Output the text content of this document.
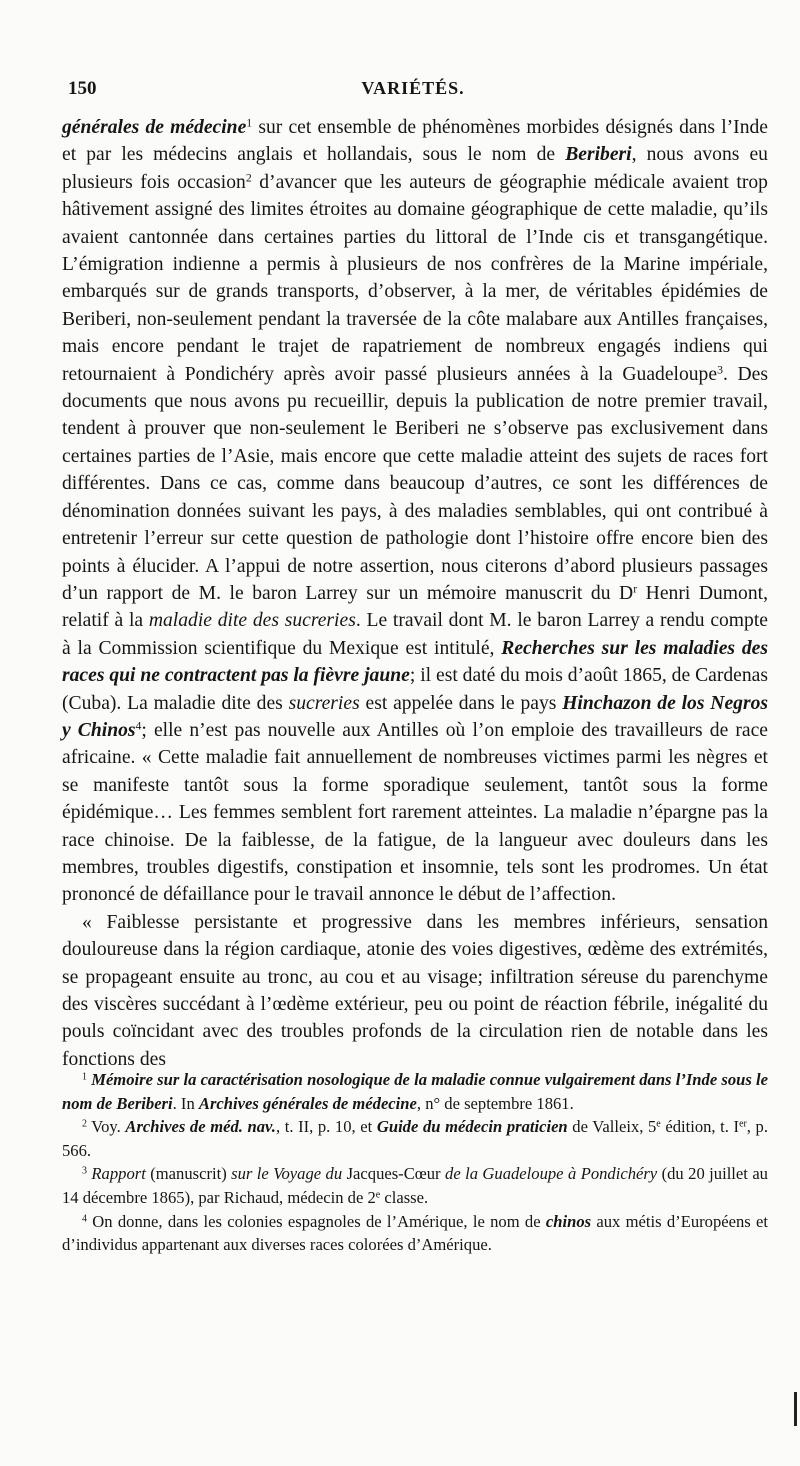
150	VARIÉTÉS.

générales de médecine$^1$ sur cet ensemble de phénomènes morbides désignés dans l’Inde et par les médecins anglais et hollandais, sous le nom de Beriberi, nous avons eu plusieurs fois occasion$^2$ d’avancer que les auteurs de géographie médicale avaient trop hâtivement assigné des limites étroites au domaine géographique de cette maladie, qu’ils avaient cantonnée dans certaines parties du littoral de l’Inde cis et transgangétique. L’émigration indienne a permis à plusieurs de nos confrères de la Marine impériale, embarqués sur de grands transports, d’observer, à la mer, de véritables épidémies de Beriberi, non-seulement pendant la traversée de la côte malabare aux Antilles françaises, mais encore pendant le trajet de rapatriement de nombreux engagés indiens qui retournaient à Pondichéry après avoir passé plusieurs années à la Guadeloupe$^3$. Des documents que nous avons pu recueillir, depuis la publication de notre premier travail, tendent à prouver que non-seulement le Beriberi ne s’observe pas exclusivement dans certaines parties de l’Asie, mais encore que cette maladie atteint des sujets de races fort différentes. Dans ce cas, comme dans beaucoup d’autres, ce sont les différences de dénomination données suivant les pays, à des maladies semblables, qui ont contribué à entretenir l’erreur sur cette question de pathologie dont l’histoire offre encore bien des points à élucider. A l’appui de notre assertion, nous citerons d’abord plusieurs passages d’un rapport de M. le baron Larrey sur un mémoire manuscrit du $D^r$ Henri Dumont, relatif à la maladie dite des sucreries. Le travail dont M. le baron Larrey a rendu compte à la Commission scientifique du Mexique est intitulé, Recherches sur les maladies des races qui ne contractent pas la fièvre jaune; il est daté du mois d’août 1865, de Cardenas (Cuba). La maladie dite des sucreries est appelée dans le pays Hinchazon de los Negros y Chinos$^4$; elle n’est pas nouvelle aux Antilles où l’on emploie des travailleurs de race africaine. « Cette maladie fait annuellement de nombreuses victimes parmi les nègres et se manifeste tantôt sous la forme sporadique seulement, tantôt sous la forme épidémique… Les femmes semblent fort rarement atteintes. La maladie n’épargne pas la race chinoise. De la faiblesse, de la fatigue, de la langueur avec douleurs dans les membres, troubles digestifs, constipation et insomnie, tels sont les prodromes. Un état prononcé de défaillance pour le travail annonce le début de l’affection.

« Faiblesse persistante et progressive dans les membres inférieurs, sensation douloureuse dans la région cardiaque, atonie des voies digestives, œdème des extrémités, se propageant ensuite au tronc, au cou et au visage; infiltration séreuse du parenchyme des viscères succédant à l’œdème extérieur, peu ou point de réaction fébrile, inégalité du pouls coïncidant avec des troubles profonds de la circulation rien de notable dans les fonctions des

$^1$ Mémoire sur la caractérisation nosologique de la maladie connue vulgairement dans l’Inde sous le nom de Beriberi. In Archives générales de médecine, n° de septembre 1861.

$^2$ Voy. Archives de méd. nav., t. II, p. 10, et Guide du médecin praticien de Valleix, 5e édition, t. Ier, p. 566.

$^3$ Rapport (manuscrit) sur le Voyage du Jacques-Cœur de la Guadeloupe à Pondichéry (du 20 juillet au 14 décembre 1865), par Richaud, médecin de 2e classe.

$^4$ On donne, dans les colonies espagnoles de l’Amérique, le nom de chinos aux métis d’Européens et d’individus appartenant aux diverses races colorées d’Amérique.
